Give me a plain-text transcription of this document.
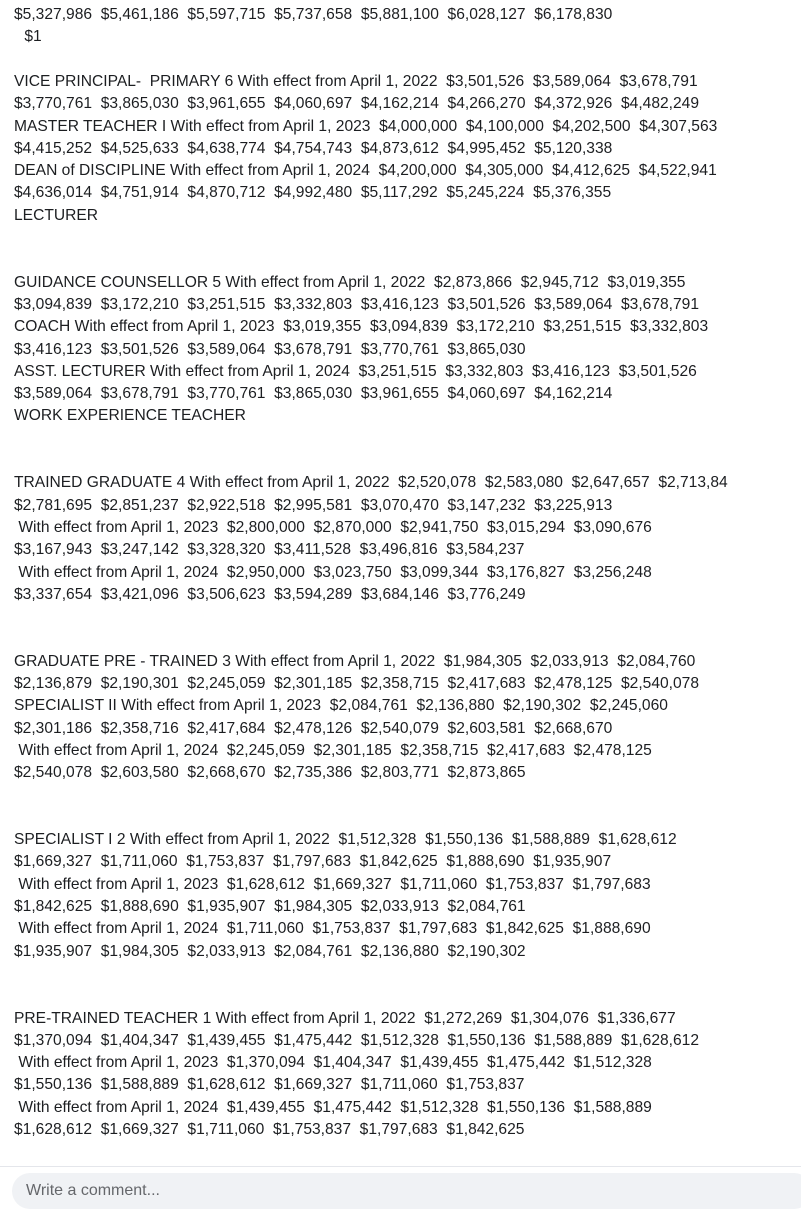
$5,327,986  $5,461,186  $5,597,715  $5,737,658  $5,881,100  $6,028,127  $6,178,830
$1
VICE PRINCIPAL-  PRIMARY 6 With effect from April 1, 2022  $3,501,526  $3,589,064  $3,678,791
$3,770,761  $3,865,030  $3,961,655  $4,060,697  $4,162,214  $4,266,270  $4,372,926  $4,482,249
MASTER TEACHER I With effect from April 1, 2023  $4,000,000  $4,100,000  $4,202,500  $4,307,563
$4,415,252  $4,525,633  $4,638,774  $4,754,743  $4,873,612  $4,995,452  $5,120,338
DEAN of DISCIPLINE With effect from April 1, 2024  $4,200,000  $4,305,000  $4,412,625  $4,522,941
$4,636,014  $4,751,914  $4,870,712  $4,992,480  $5,117,292  $5,245,224  $5,376,355
LECTURER
GUIDANCE COUNSELLOR 5 With effect from April 1, 2022  $2,873,866  $2,945,712  $3,019,355
$3,094,839  $3,172,210  $3,251,515  $3,332,803  $3,416,123  $3,501,526  $3,589,064  $3,678,791
COACH With effect from April 1, 2023  $3,019,355  $3,094,839  $3,172,210  $3,251,515  $3,332,803
$3,416,123  $3,501,526  $3,589,064  $3,678,791  $3,770,761  $3,865,030
ASST. LECTURER With effect from April 1, 2024  $3,251,515  $3,332,803  $3,416,123  $3,501,526
$3,589,064  $3,678,791  $3,770,761  $3,865,030  $3,961,655  $4,060,697  $4,162,214
WORK EXPERIENCE TEACHER
TRAINED GRADUATE 4 With effect from April 1, 2022  $2,520,078  $2,583,080  $2,647,657  $2,713,84
$2,781,695  $2,851,237  $2,922,518  $2,995,581  $3,070,470  $3,147,232  $3,225,913
With effect from April 1, 2023  $2,800,000  $2,870,000  $2,941,750  $3,015,294  $3,090,676
$3,167,943  $3,247,142  $3,328,320  $3,411,528  $3,496,816  $3,584,237
With effect from April 1, 2024  $2,950,000  $3,023,750  $3,099,344  $3,176,827  $3,256,248
$3,337,654  $3,421,096  $3,506,623  $3,594,289  $3,684,146  $3,776,249
GRADUATE PRE - TRAINED 3 With effect from April 1, 2022  $1,984,305  $2,033,913  $2,084,760
$2,136,879  $2,190,301  $2,245,059  $2,301,185  $2,358,715  $2,417,683  $2,478,125  $2,540,078
SPECIALIST II With effect from April 1, 2023  $2,084,761  $2,136,880  $2,190,302  $2,245,060
$2,301,186  $2,358,716  $2,417,684  $2,478,126  $2,540,079  $2,603,581  $2,668,670
With effect from April 1, 2024  $2,245,059  $2,301,185  $2,358,715  $2,417,683  $2,478,125
$2,540,078  $2,603,580  $2,668,670  $2,735,386  $2,803,771  $2,873,865
SPECIALIST I 2 With effect from April 1, 2022  $1,512,328  $1,550,136  $1,588,889  $1,628,612
$1,669,327  $1,711,060  $1,753,837  $1,797,683  $1,842,625  $1,888,690  $1,935,907
With effect from April 1, 2023  $1,628,612  $1,669,327  $1,711,060  $1,753,837  $1,797,683
$1,842,625  $1,888,690  $1,935,907  $1,984,305  $2,033,913  $2,084,761
With effect from April 1, 2024  $1,711,060  $1,753,837  $1,797,683  $1,842,625  $1,888,690
$1,935,907  $1,984,305  $2,033,913  $2,084,761  $2,136,880  $2,190,302
PRE-TRAINED TEACHER 1 With effect from April 1, 2022  $1,272,269  $1,304,076  $1,336,677
$1,370,094  $1,404,347  $1,439,455  $1,475,442  $1,512,328  $1,550,136  $1,588,889  $1,628,612
With effect from April 1, 2023  $1,370,094  $1,404,347  $1,439,455  $1,475,442  $1,512,328
$1,550,136  $1,588,889  $1,628,612  $1,669,327  $1,711,060  $1,753,837
With effect from April 1, 2024  $1,439,455  $1,475,442  $1,512,328  $1,550,136  $1,588,889
$1,628,612  $1,669,327  $1,711,060  $1,753,837  $1,797,683  $1,842,625
Write a comment...
